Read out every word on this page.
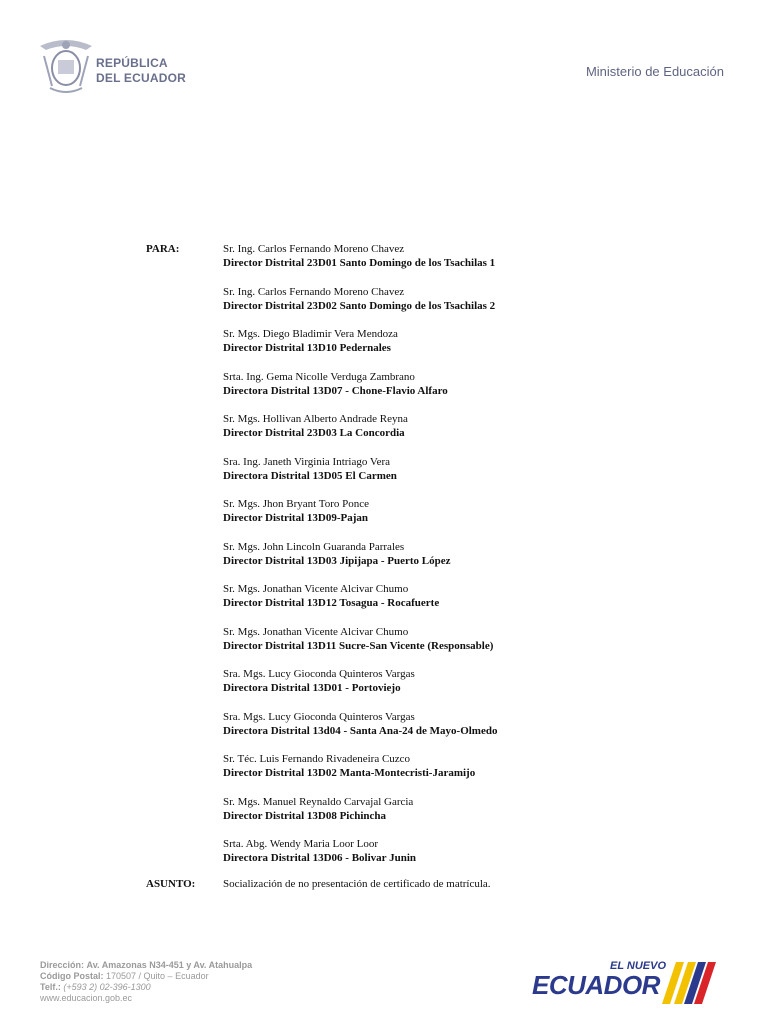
REPÚBLICA
DEL ECUADOR	Ministerio de Educación
PARA:	Sr. Ing. Carlos Fernando Moreno Chavez
Director Distrital 23D01 Santo Domingo de los Tsachilas 1
Sr. Ing. Carlos Fernando Moreno Chavez
Director Distrital 23D02 Santo Domingo de los Tsachilas 2
Sr. Mgs. Diego Bladimir Vera Mendoza
Director Distrital 13D10 Pedernales
Srta. Ing. Gema Nicolle Verduga Zambrano
Directora Distrital 13D07 - Chone-Flavio Alfaro
Sr. Mgs. Hollivan Alberto Andrade Reyna
Director Distrital 23D03 La Concordia
Sra. Ing. Janeth Virginia Intriago Vera
Directora Distrital 13D05 El Carmen
Sr. Mgs. Jhon Bryant Toro Ponce
Director Distrital 13D09-Pajan
Sr. Mgs. John Lincoln Guaranda Parrales
Director Distrital 13D03 Jipijapa - Puerto López
Sr. Mgs. Jonathan Vicente Alcivar Chumo
Director Distrital 13D12 Tosagua - Rocafuerte
Sr. Mgs. Jonathan Vicente Alcivar Chumo
Director Distrital 13D11 Sucre-San Vicente (Responsable)
Sra. Mgs. Lucy Gioconda Quinteros Vargas
Directora Distrital 13D01 - Portoviejo
Sra. Mgs. Lucy Gioconda Quinteros Vargas
Directora Distrital 13d04 - Santa Ana-24 de Mayo-Olmedo
Sr. Téc. Luis Fernando Rivadeneira Cuzco
Director Distrital 13D02 Manta-Montecristi-Jaramijo
Sr. Mgs. Manuel Reynaldo Carvajal Garcia
Director Distrital 13D08 Pichincha
Srta. Abg. Wendy Maria Loor Loor
Directora Distrital 13D06 - Bolivar Junin
ASUNTO:	Socialización de no presentación de certificado de matrícula.
Dirección: Av. Amazonas N34-451 y Av. Atahualpa
Código Postal: 170507 / Quito – Ecuador
Telf.: (+593 2) 02-396-1300
www.educacion.gob.ec
EL NUEVO
ECUADOR
